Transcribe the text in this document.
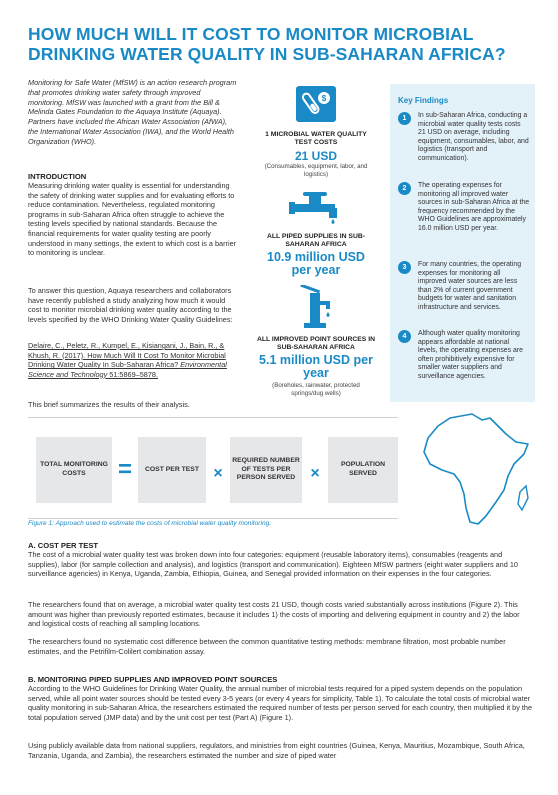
HOW MUCH WILL IT COST TO MONITOR MICROBIAL DRINKING WATER QUALITY IN SUB-SAHARAN AFRICA?
Monitoring for Safe Water (MfSW) is an action research program that promotes drinking water safety through improved monitoring. MfSW was launched with a grant from the Bill & Melinda Gates Foundation to the Aquaya Institute (Aquaya). Partners have included the African Water Association (AfWA), the International Water Association (IWA), and the World Health Organization (WHO).
INTRODUCTION
Measuring drinking water quality is essential for understanding the safety of drinking water supplies and for evaluating efforts to reduce contamination. Nevertheless, regulated monitoring programs in sub-Saharan Africa often struggle to achieve the testing levels specified by national standards. Because the financial requirements for water quality testing are poorly understood in many settings, the extent to which cost is a barrier to monitoring is unclear.
To answer this question, Aquaya researchers and collaborators have recently published a study analyzing how much it would cost to monitor microbial drinking water quality according to the levels specified by the WHO Drinking Water Quality Guidelines:
Delaire, C., Peletz, R., Kumpel, E., Kisiangani, J., Bain, R., & Khush, R. (2017). How Much Will It Cost To Monitor Microbial Drinking Water Quality In Sub-Saharan Africa? Environmental Science and Technology 51:5869–5878.
This brief summarizes the results of their analysis.
$
1 MICROBIAL WATER QUALITY TEST COSTS
21 USD
(Consumables, equipment, labor, and logistics)
ALL PIPED SUPPLIES IN SUB-SAHARAN AFRICA
10.9 million USD per year
ALL IMPROVED POINT SOURCES IN SUB-SAHARAN AFRICA
5.1 million USD per year
(Boreholes, rainwater, protected springs/dug wells)
Key Findings
1	In sub-Saharan Africa, conducting a microbial water quality tests costs 21 USD on average, including equipment, consumables, labor, and logistics (transport and communication).
2	The operating expenses for monitoring all improved water sources in sub-Saharan Africa at the frequency recommended by the WHO Guidelines are approximately 16.0 million USD per year.
3	For many countries, the operating expenses for monitoring all improved water sources are less than 2% of current government budgets for water and sanitation infrastructure and services.
4	Although water quality monitoring appears affordable at national levels, the operating expenses are often prohibitively expensive for smaller water suppliers and surveillance agencies.
TOTAL MONITORING COSTS	=	COST PER TEST ×
REQUIRED NUMBER OF TESTS PER PERSON SERVED ×
POPULATION SERVED
Figure 1: Approach used to estimate the costs of microbial water quality monitoring.
A. COST PER TEST
The cost of a microbial water quality test was broken down into four categories: equipment (reusable laboratory items), consumables (reagents and supplies), labor (for sample collection and analysis), and logistics (transport and communication). Eighteen MfSW partners (eight water suppliers and 10 surveillance agencies) in Kenya, Uganda, Zambia, Ethiopia, Guinea, and Senegal provided information on their expenses in the four categories.
The researchers found that on average, a microbial water quality test costs 21 USD, though costs varied substantially across institutions (Figure 2). This amount was higher than previously reported estimates, because it includes 1) the costs of importing and delivering equipment in country and 2) the labor and logistical costs of reaching all sampling locations.
The researchers found no systematic cost difference between the common quantitative testing methods: membrane filtration, most probable number estimates, and the Petrifilm-Colilert combination assay.
B. MONITORING PIPED SUPPLIES AND IMPROVED POINT SOURCES
According to the WHO Guidelines for Drinking Water Quality, the annual number of microbial tests required for a piped system depends on the population served, while all point water sources should be tested every 3-5 years (or every 4 years for simplicity, Table 1). To calculate the total costs of microbial water quality monitoring in sub-Saharan Africa, the researchers estimated the required number of tests per person served for each country, then multiplied it by the total population served (JMP data) and by the unit cost per test (Part A) (Figure 1).
Using publicly available data from national suppliers, regulators, and ministries from eight countries (Guinea, Kenya, Mauritius, Mozambique, South Africa, Tanzania, Uganda, and Zambia), the researchers estimated the number and size of piped water
